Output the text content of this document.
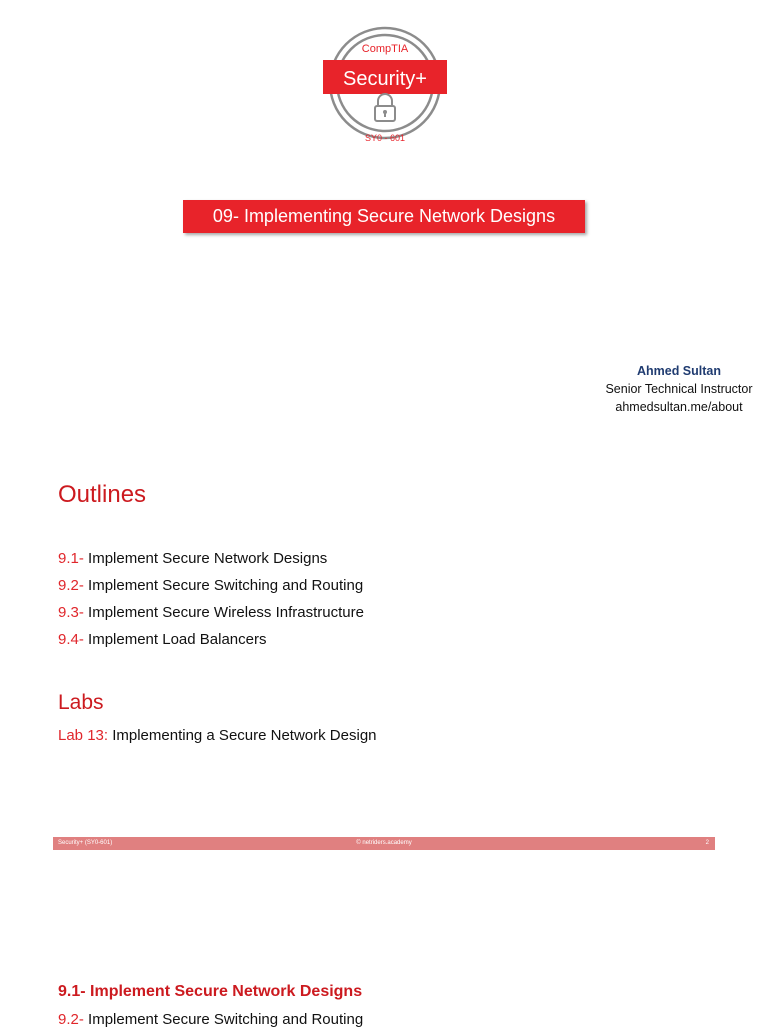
CompTIA
Security+
SY0 - 601
09- Implementing Secure Network Designs
Ahmed Sultan
Senior Technical Instructor
ahmedsultan.me/about
Outlines
9.1- Implement Secure Network Designs
9.2- Implement Secure Switching and Routing
9.3- Implement Secure Wireless Infrastructure
9.4- Implement Load Balancers
Labs
Lab 13: Implementing a Secure Network Design
Security+ (SY0-601)	© netriders.academy	2
9.1- Implement Secure Network Designs
9.2- Implement Secure Switching and Routing
